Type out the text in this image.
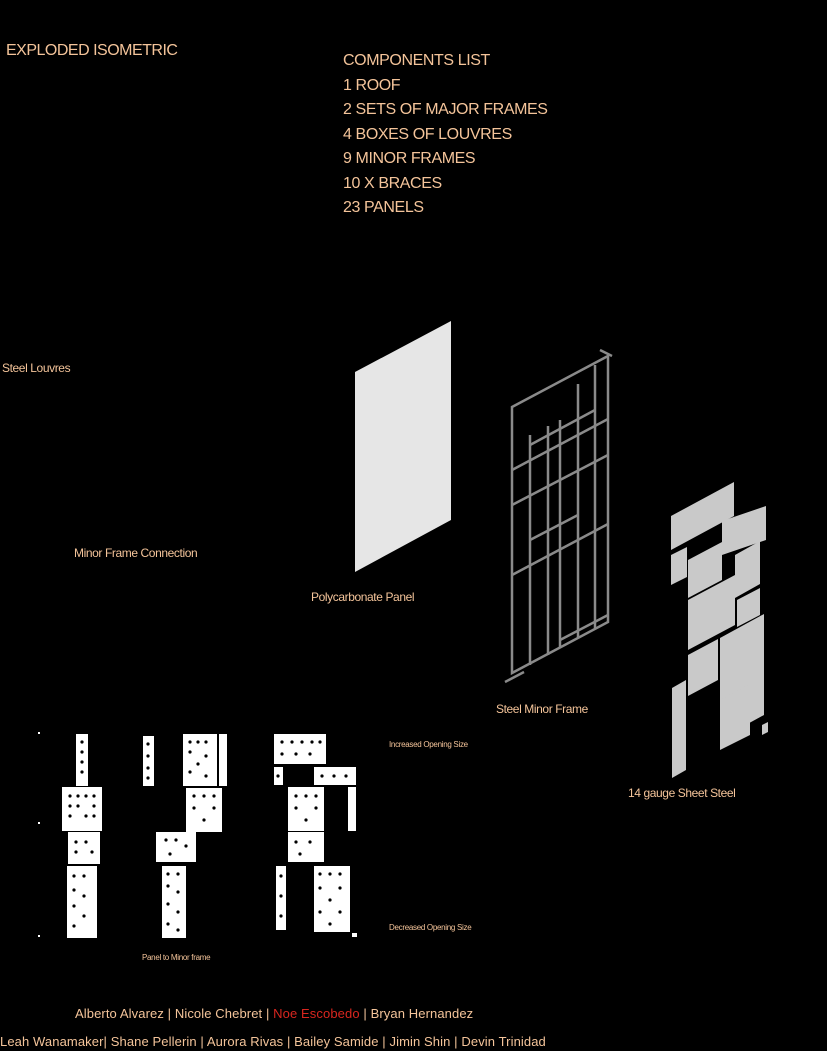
EXPLODED ISOMETRIC
COMPONENTS LIST
1 ROOF
2 SETS OF MAJOR FRAMES
4 BOXES OF LOUVRES
9 MINOR FRAMES
10 X BRACES
23 PANELS
Steel Louvres
Minor Frame Connection
Polycarbonate Panel
Steel Minor Frame
14 gauge Sheet Steel
Increased Opening Size
Decreased Opening Size
Panel to Minor frame
Alberto Alvarez | Nicole Chebret | Noe Escobedo | Bryan Hernandez
Leah Wanamaker| Shane Pellerin | Aurora Rivas | Bailey Samide | Jimin Shin | Devin Trinidad
